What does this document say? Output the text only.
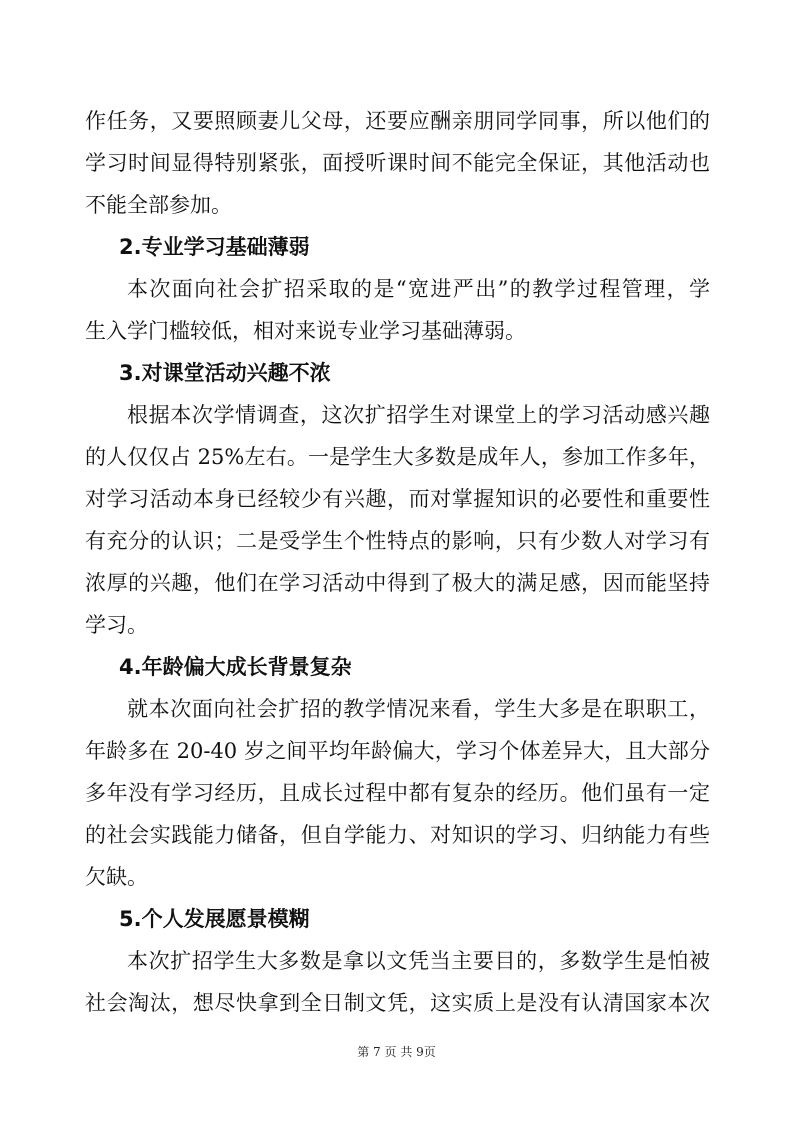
作任务，又要照顾妻儿父母，还要应酬亲朋同学同事，所以他们的
学习时间显得特别紧张，面授听课时间不能完全保证，其他活动也
不能全部参加。
2.专业学习基础薄弱
本次面向社会扩招采取的是“宽进严出”的教学过程管理，学
生入学门槛较低，相对来说专业学习基础薄弱。
3.对课堂活动兴趣不浓
根据本次学情调查，这次扩招学生对课堂上的学习活动感兴趣
的人仅仅占 25%左右。一是学生大多数是成年人，参加工作多年，
对学习活动本身已经较少有兴趣，而对掌握知识的必要性和重要性
有充分的认识；二是受学生个性特点的影响，只有少数人对学习有
浓厚的兴趣，他们在学习活动中得到了极大的满足感，因而能坚持
学习。
4.年龄偏大成长背景复杂
就本次面向社会扩招的教学情况来看，学生大多是在职职工，
年龄多在 20-40 岁之间平均年龄偏大，学习个体差异大，且大部分
多年没有学习经历，且成长过程中都有复杂的经历。他们虽有一定
的社会实践能力储备，但自学能力、对知识的学习、归纳能力有些
欠缺。
5.个人发展愿景模糊
本次扩招学生大多数是拿以文凭当主要目的，多数学生是怕被
社会淘汰，想尽快拿到全日制文凭，这实质上是没有认清国家本次
第 7 页 共 9页
